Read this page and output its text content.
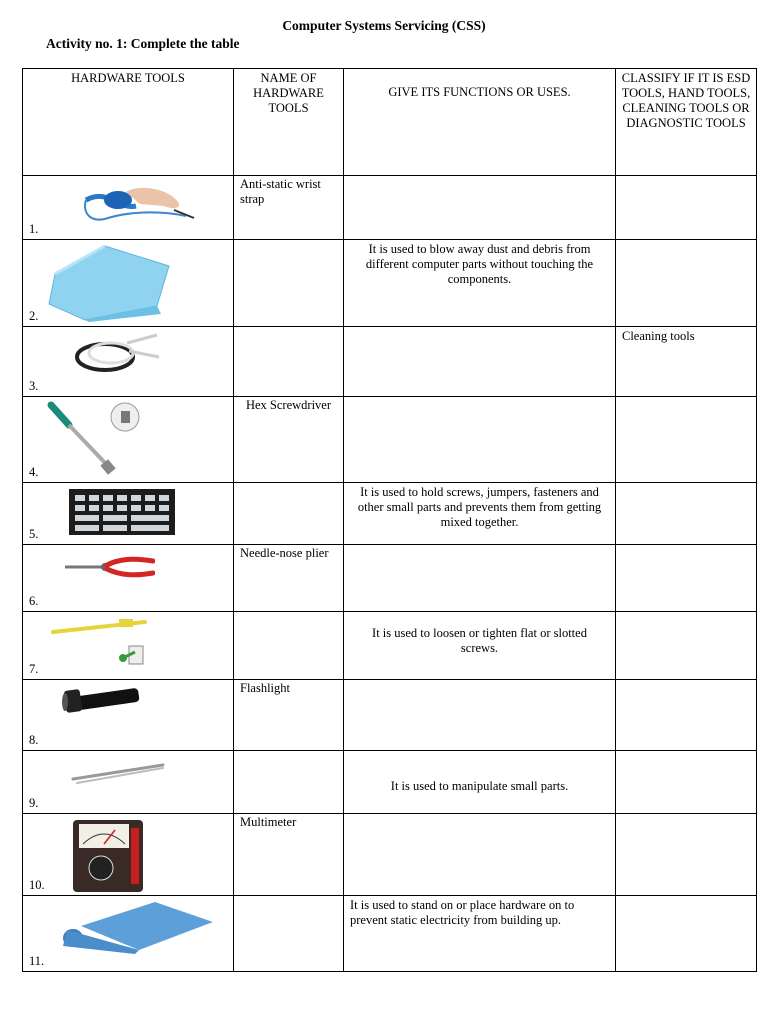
Computer Systems Servicing (CSS)
Activity no. 1: Complete the table
HARDWARE TOOLS	NAME OF HARDWARE TOOLS	GIVE ITS FUNCTIONS OR USES.	CLASSIFY IF IT IS ESD TOOLS, HAND TOOLS, CLEANING TOOLS OR DIAGNOSTIC TOOLS

1.	Anti-static wrist strap		

2.		It is used to blow away dust and debris from different computer parts without touching the components.	

3.			Cleaning tools

4.	Hex Screwdriver		

5.		It is used to hold screws, jumpers, fasteners and other small parts and prevents them from getting mixed together.	

6.	Needle-nose plier		

7.		It is used to loosen or tighten flat or slotted screws.	

8.	Flashlight		

9.		It is used to manipulate small parts.	

10.	Multimeter		

11.		It is used to stand on or place hardware on to prevent static electricity from building up.	
